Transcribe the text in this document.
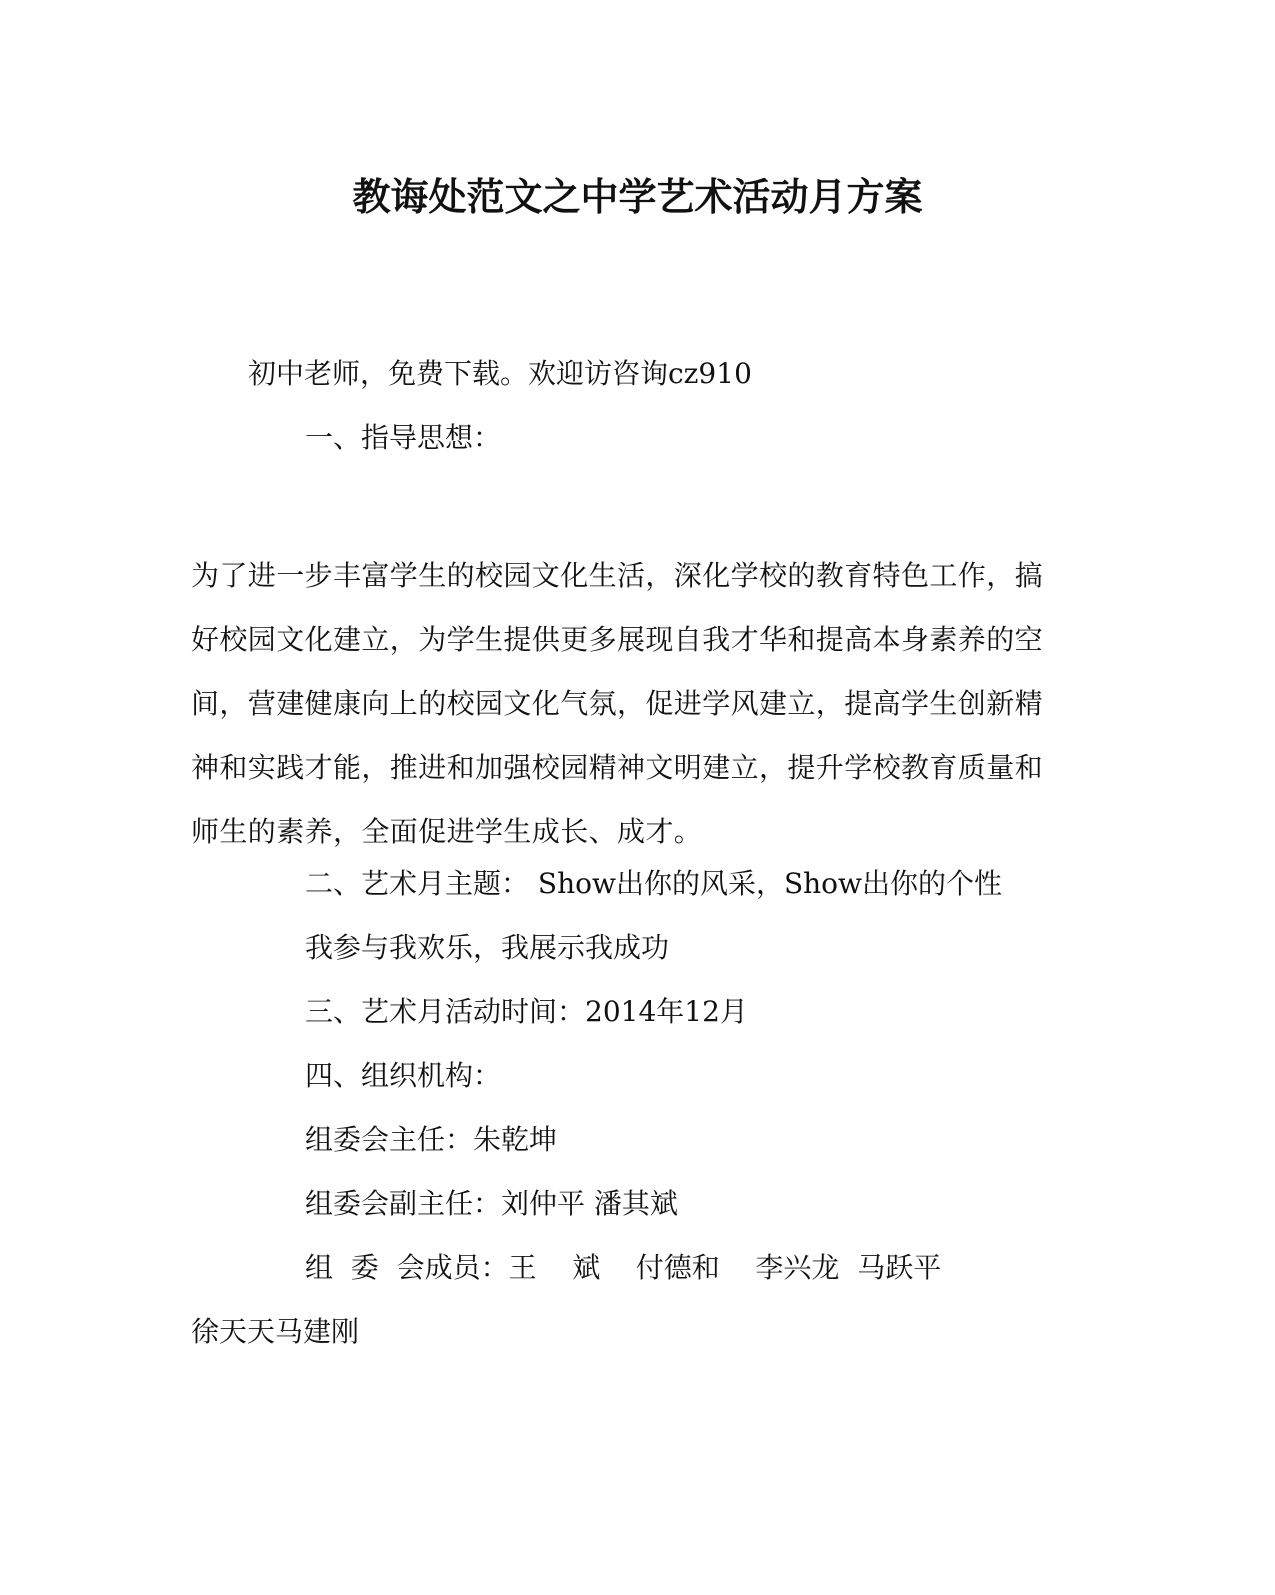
教诲处范文之中学艺术活动月方案
初中老师，免费下载。欢迎访咨询cz910
一、指导思想：
为了进一步丰富学生的校园文化生活，深化学校的教育特色工作，搞
好校园文化建立，为学生提供更多展现自我才华和提高本身素养的空
间，营建健康向上的校园文化气氛，促进学风建立，提高学生创新精
神和实践才能，推进和加强校园精神文明建立，提升学校教育质量和
师生的素养，全面促进学生成长、成才。
二、艺术月主题： Show出你的风采，Show出你的个性
我参与我欢乐，我展示我成功
三、艺术月活动时间：2014年12月
四、组织机构：
组委会主任：朱乾坤
组委会副主任：刘仲平 潘其斌
组  委  会成员：王    斌    付德和    李兴龙  马跃平
徐天天马建刚
